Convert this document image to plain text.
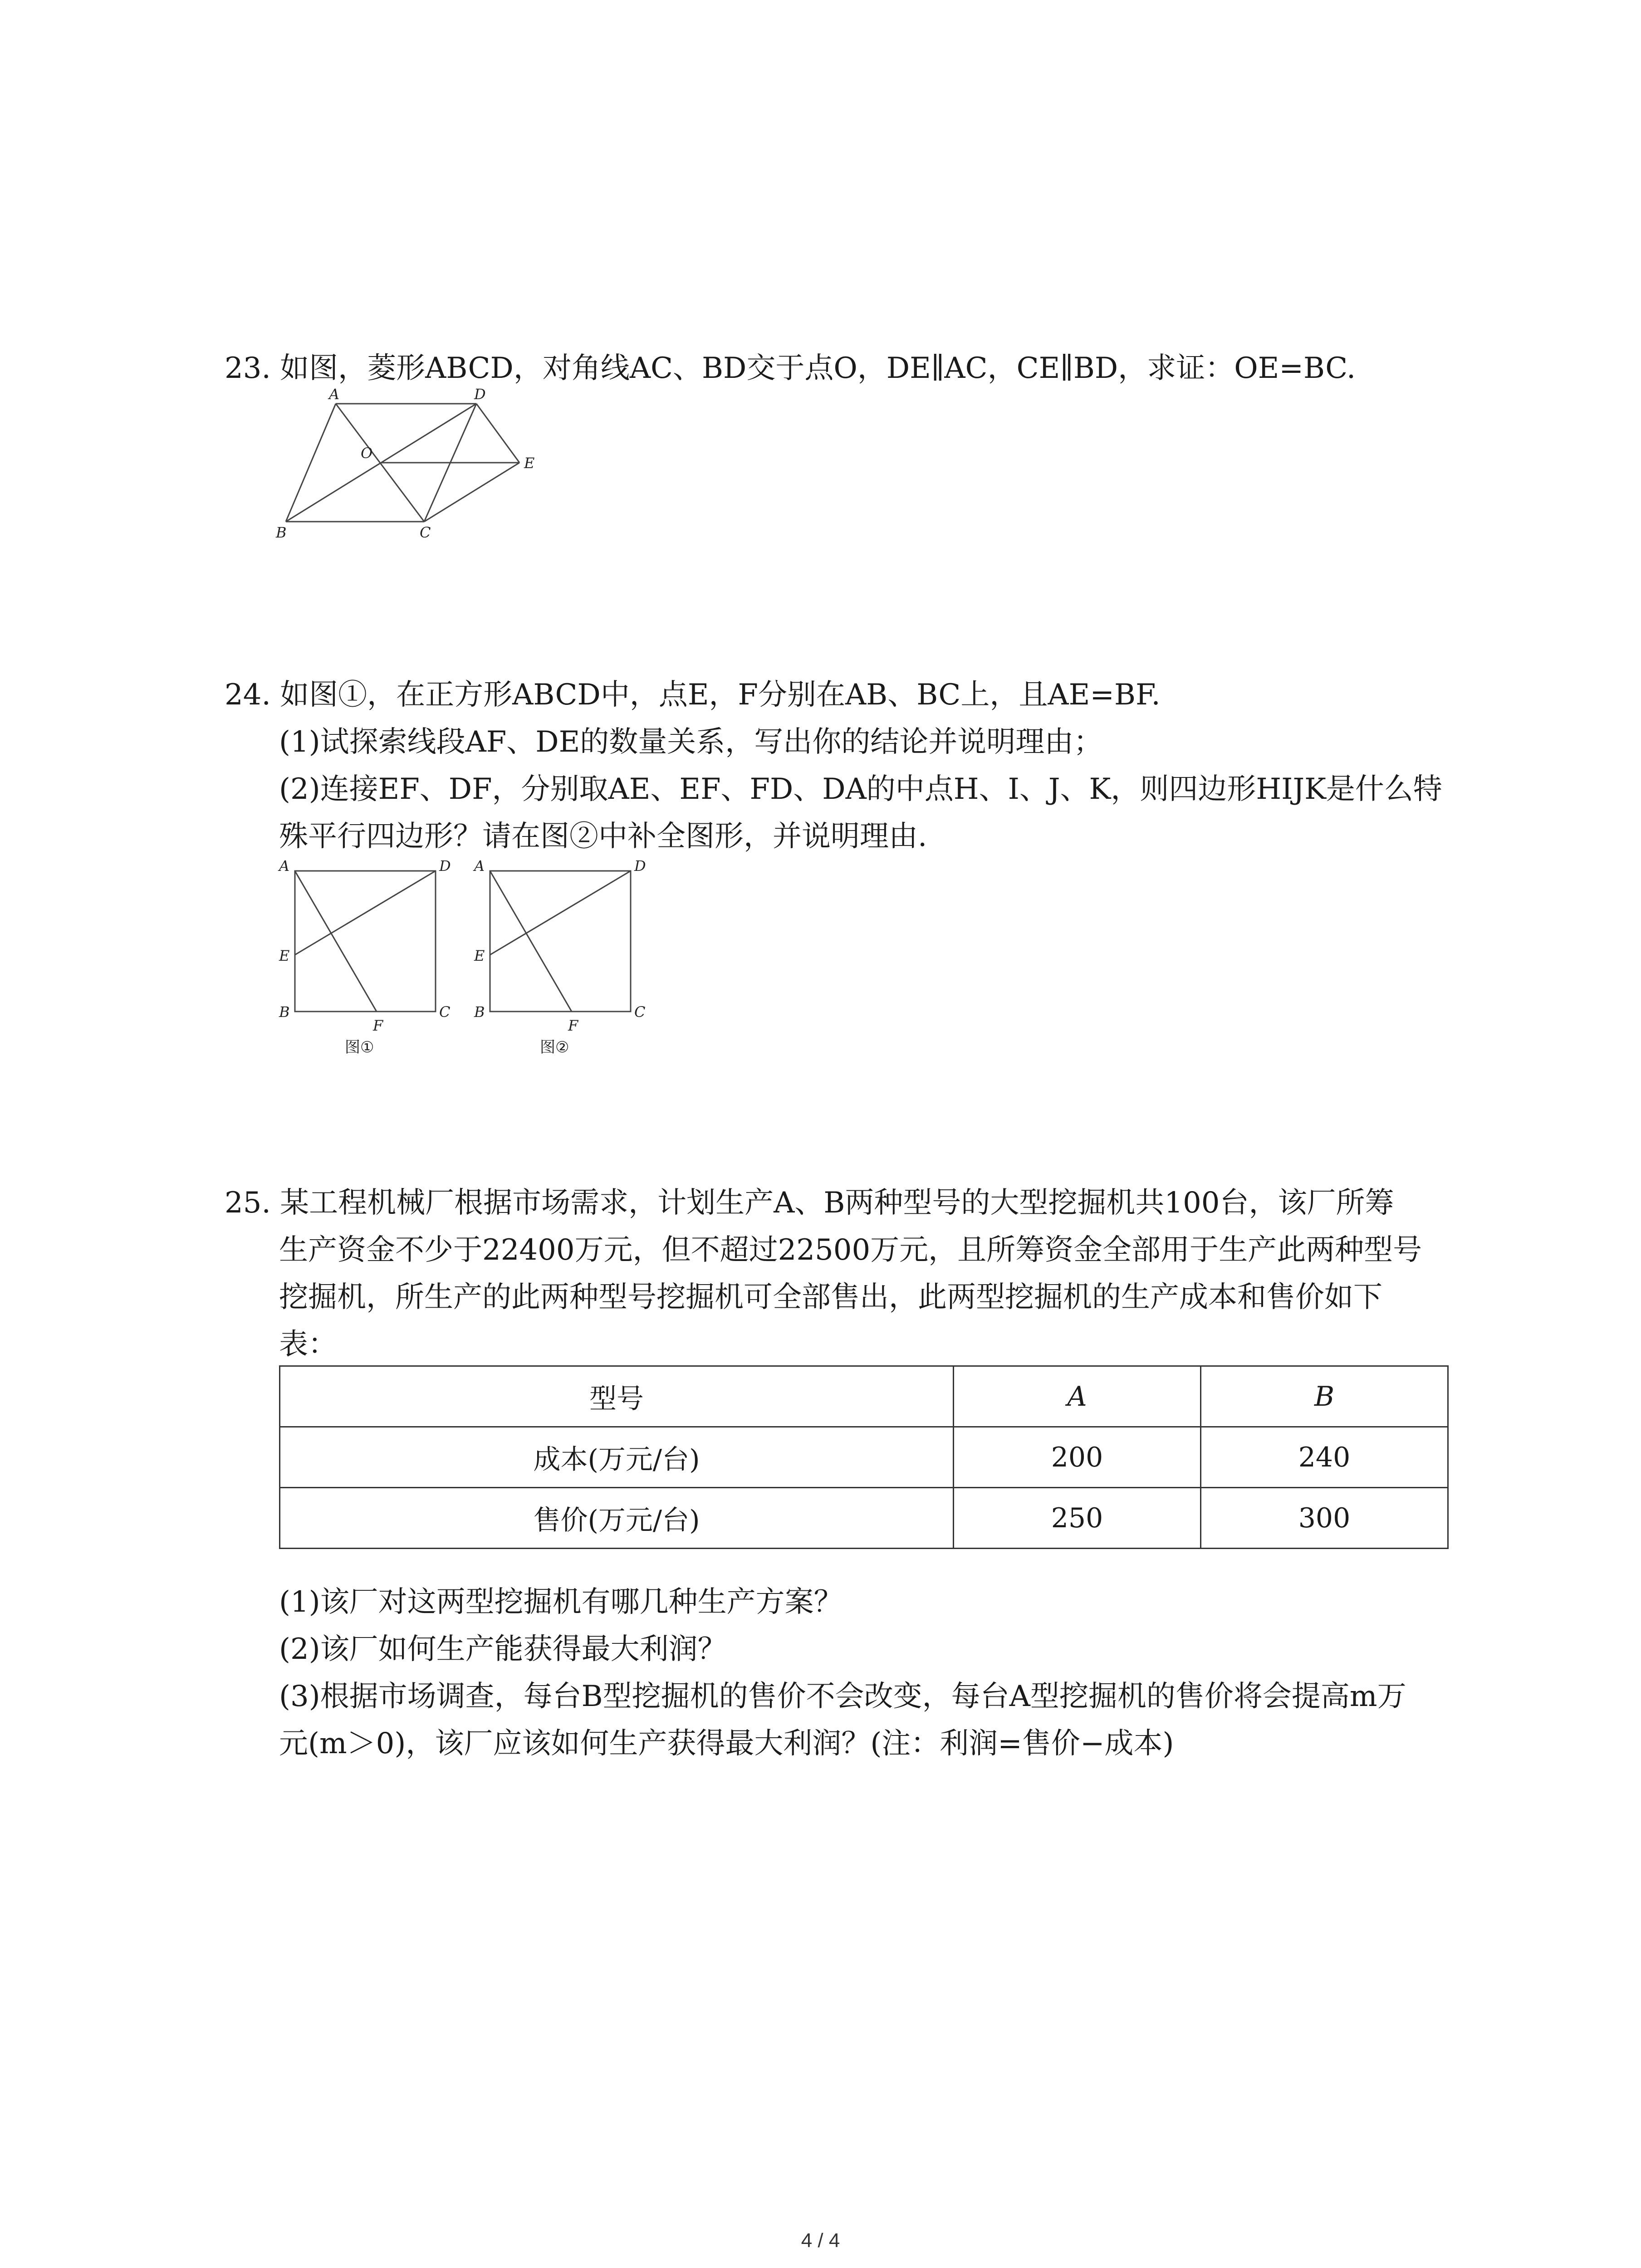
23. 如图，菱形ABCD，对角线AC、BD交于点O，DE∥AC，CE∥BD，求证：OE=BC.
A	D
O
E
B	C
24. 如图①，在正方形ABCD中，点E，F分别在AB、BC上，且AE=BF.
(1)试探索线段AF、DE的数量关系，写出你的结论并说明理由；
(2)连接EF、DF，分别取AE、EF、FD、DA的中点H、I、J、K，则四边形HIJK是什么特
殊平行四边形？请在图②中补全图形，并说明理由.
A	D
E
B
F
C
图①
A	D
E
B
F
C
图②
25. 某工程机械厂根据市场需求，计划生产A、B两种型号的大型挖掘机共100台，该厂所筹
生产资金不少于22400万元，但不超过22500万元，且所筹资金全部用于生产此两种型号
挖掘机，所生产的此两种型号挖掘机可全部售出，此两型挖掘机的生产成本和售价如下
表：
型号	A	B
成本(万元/台)	200	240
售价(万元/台)	250	300
(1)该厂对这两型挖掘机有哪几种生产方案？
(2)该厂如何生产能获得最大利润？
(3)根据市场调查，每台B型挖掘机的售价不会改变，每台A型挖掘机的售价将会提高m万
元(m＞0)，该厂应该如何生产获得最大利润？(注：利润=售价−成本)
4 / 4
